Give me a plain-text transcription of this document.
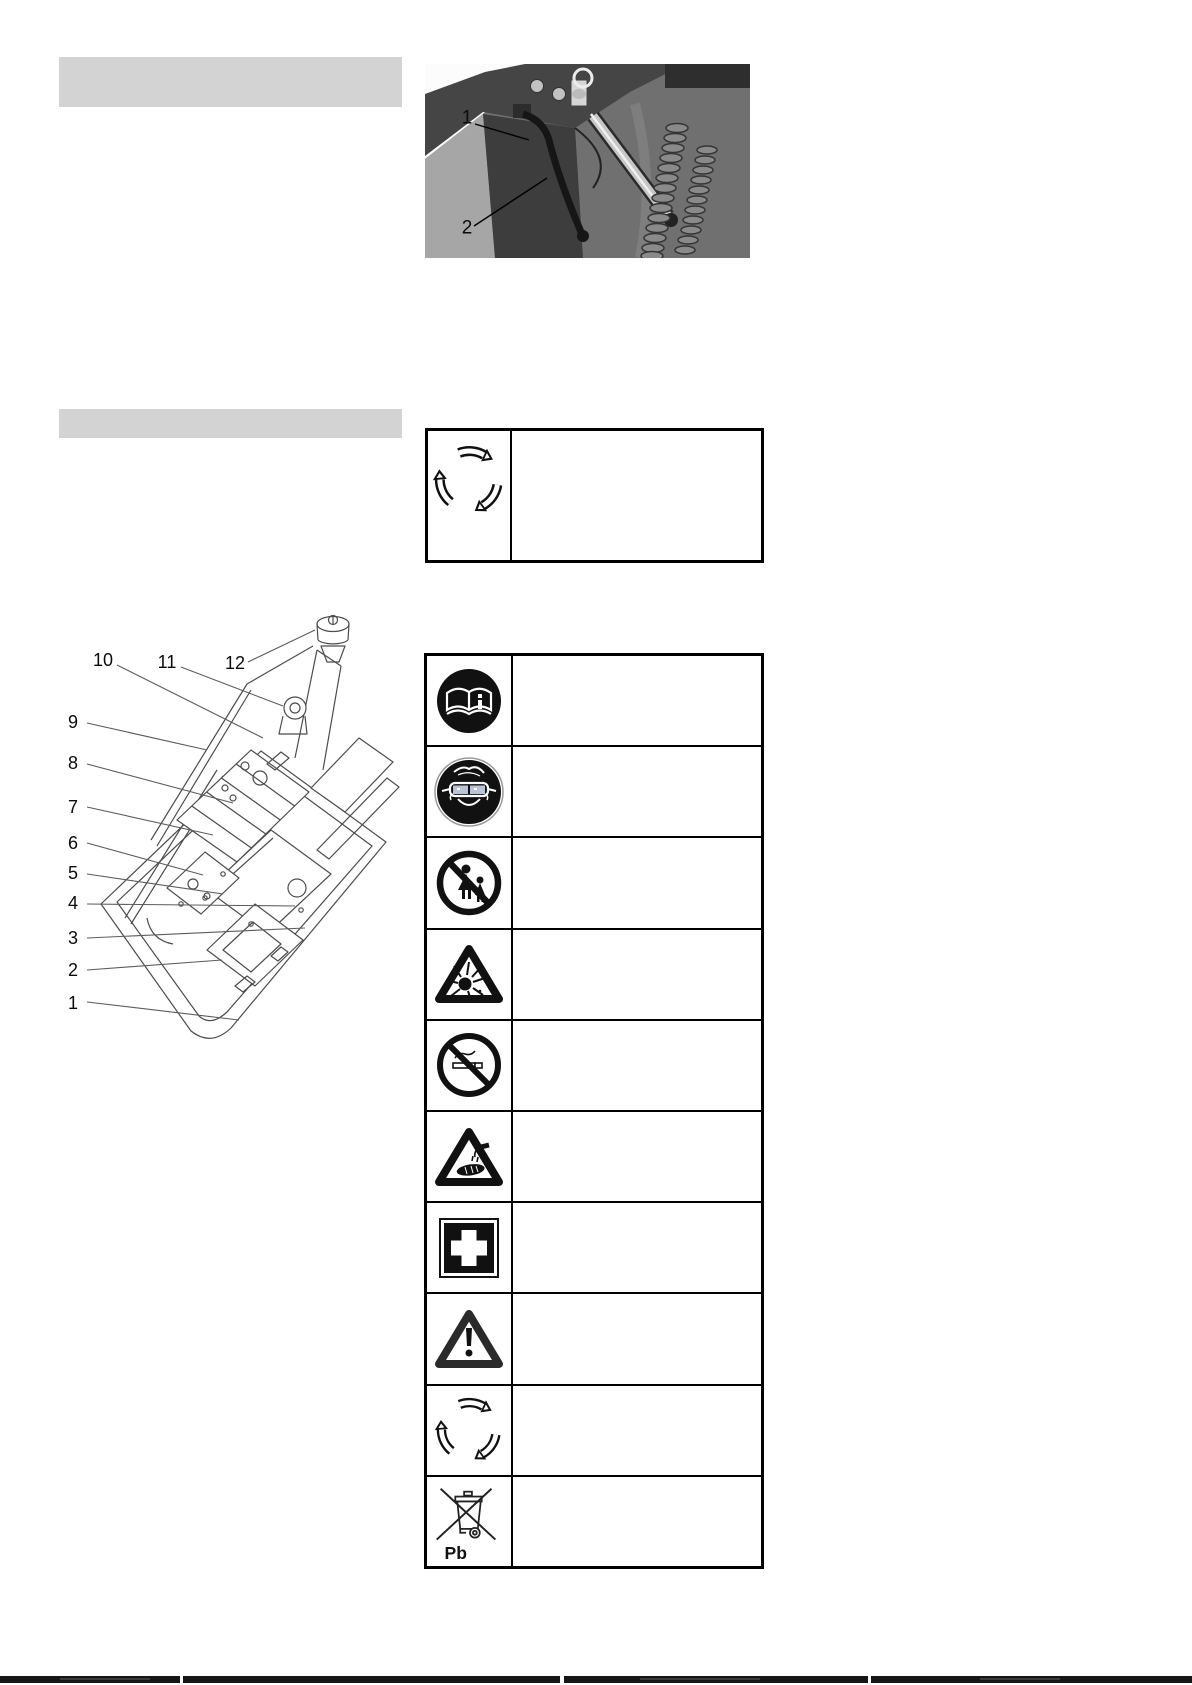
1
2
1
2
3
4
5
6
7
8
9
10 11	12
Pb
